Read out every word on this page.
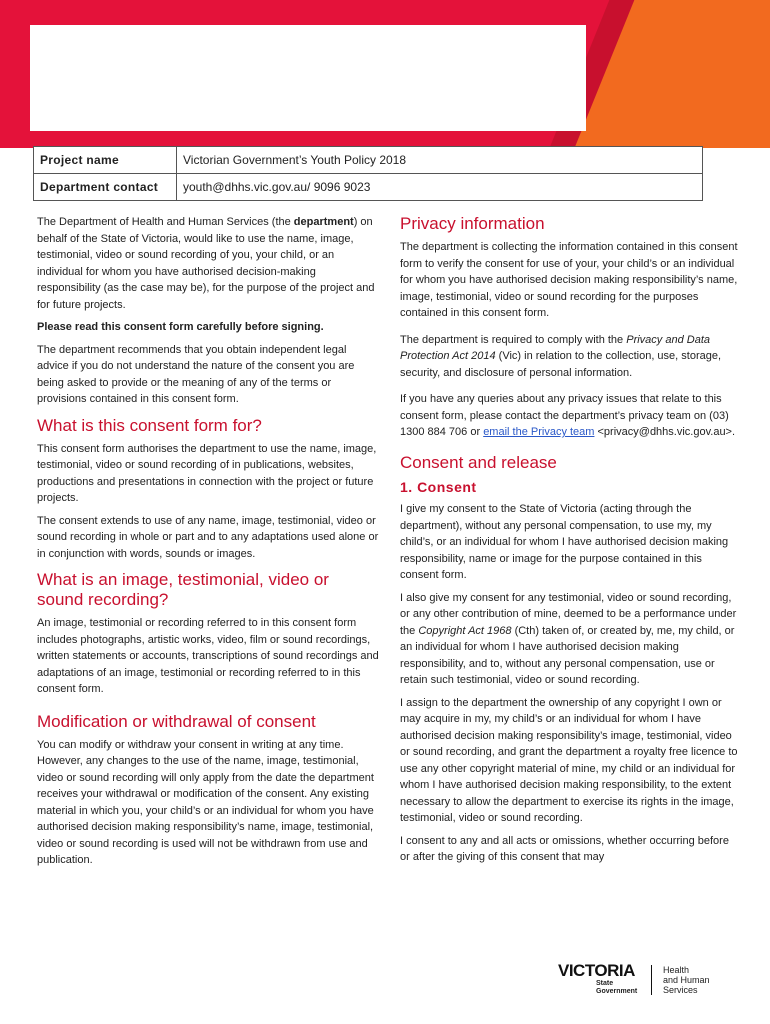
Project name	Victorian Government’s Youth Policy 2018
Department contact	youth@dhhs.vic.gov.au/ 9096 9023

The Department of Health and Human Services (the department) on behalf of the State of Victoria, would like to use the name, image, testimonial, video or sound recording of you, your child, or an individual for whom you have authorised decision-making responsibility (as the case may be), for the purpose of the project and for future projects.

Please read this consent form carefully before signing.

The department recommends that you obtain independent legal advice if you do not understand the nature of the consent you are being asked to provide or the meaning of any of the terms or provisions contained in this consent form.

What is this consent form for?

This consent form authorises the department to use the name, image, testimonial, video or sound recording of in publications, websites, productions and presentations in connection with the project or future projects.

The consent extends to use of any name, image, testimonial, video or sound recording in whole or part and to any adaptations used alone or in conjunction with words, sounds or images.

What is an image, testimonial, video or sound recording?

An image, testimonial or recording referred to in this consent form includes photographs, artistic works, video, film or sound recordings, written statements or accounts, transcriptions of sound recordings and adaptations of an image, testimonial or recording referred to in this consent form.

Modification or withdrawal of consent

You can modify or withdraw your consent in writing at any time. However, any changes to the use of the name, image, testimonial, video or sound recording will only apply from the date the department receives your withdrawal or modification of the consent. Any existing material in which you, your child’s or an individual for whom you have authorised decision making responsibility’s name, image, testimonial, video or sound recording is used will not be withdrawn from use and publication.

Privacy information

The department is collecting the information contained in this consent form to verify the consent for use of your, your child’s or an individual for whom you have authorised decision making responsibility’s name, image, testimonial, video or sound recording for the purposes contained in this consent form.

The department is required to comply with the Privacy and Data Protection Act 2014 (Vic) in relation to the collection, use, storage, security, and disclosure of personal information.

If you have any queries about any privacy issues that relate to this consent form, please contact the department’s privacy team on (03) 1300 884 706 or email the Privacy team <privacy@dhhs.vic.gov.au>.

Consent and release
1. Consent

I give my consent to the State of Victoria (acting through the department), without any personal compensation, to use my, my child’s, or an individual for whom I have authorised decision making responsibility, name or image for the purpose contained in this consent form.

I also give my consent for any testimonial, video or sound recording, or any other contribution of mine, deemed to be a performance under the Copyright Act 1968 (Cth) taken of, or created by, me, my child, or an individual for whom I have authorised decision making responsibility, and to, without any personal compensation, use or retain such testimonial, video or sound recording.

I assign to the department the ownership of any copyright I own or may acquire in my, my child’s or an individual for whom I have authorised decision making responsibility’s image, testimonial, video or sound recording, and grant the department a royalty free licence to use any other copyright material of mine, my child or an individual for whom I have authorised decision making responsibility, to the extent necessary to allow the department to exercise its rights in the image, testimonial, video or sound recording.

I consent to any and all acts or omissions, whether occurring before or after the giving of this consent that may

VICTORIA
State
Government
Health
and Human
Services
